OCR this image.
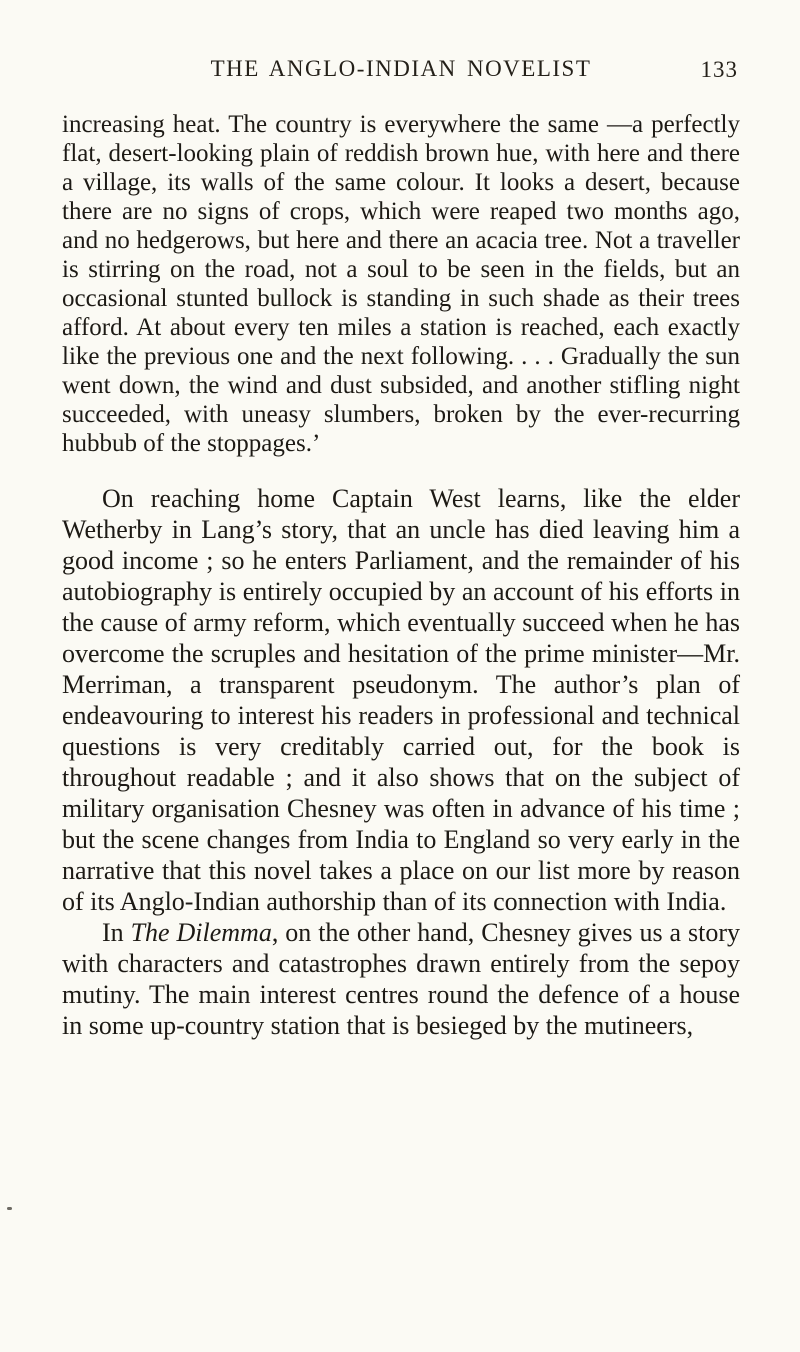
THE ANGLO-INDIAN NOVELIST	133

increasing heat. The country is everywhere the same —a perfectly flat, desert-looking plain of reddish brown hue, with here and there a village, its walls of the same colour. It looks a desert, because there are no signs of crops, which were reaped two months ago, and no hedgerows, but here and there an acacia tree. Not a traveller is stirring on the road, not a soul to be seen in the fields, but an occasional stunted bullock is standing in such shade as their trees afford. At about every ten miles a station is reached, each exactly like the previous one and the next following. . . . Gradually the sun went down, the wind and dust subsided, and another stifling night succeeded, with uneasy slumbers, broken by the ever-recurring hubbub of the stoppages.’

On reaching home Captain West learns, like the elder Wetherby in Lang’s story, that an uncle has died leaving him a good income ; so he enters Parliament, and the remainder of his autobiography is entirely occupied by an account of his efforts in the cause of army reform, which eventually succeed when he has overcome the scruples and hesitation of the prime minister—Mr. Merriman, a transparent pseudonym. The author’s plan of endeavouring to interest his readers in professional and technical questions is very creditably carried out, for the book is throughout readable ; and it also shows that on the subject of military organisation Chesney was often in advance of his time ; but the scene changes from India to England so very early in the narrative that this novel takes a place on our list more by reason of its Anglo-Indian authorship than of its connection with India.

In The Dilemma, on the other hand, Chesney gives us a story with characters and catastrophes drawn entirely from the sepoy mutiny. The main interest centres round the defence of a house in some up-country station that is besieged by the mutineers,
